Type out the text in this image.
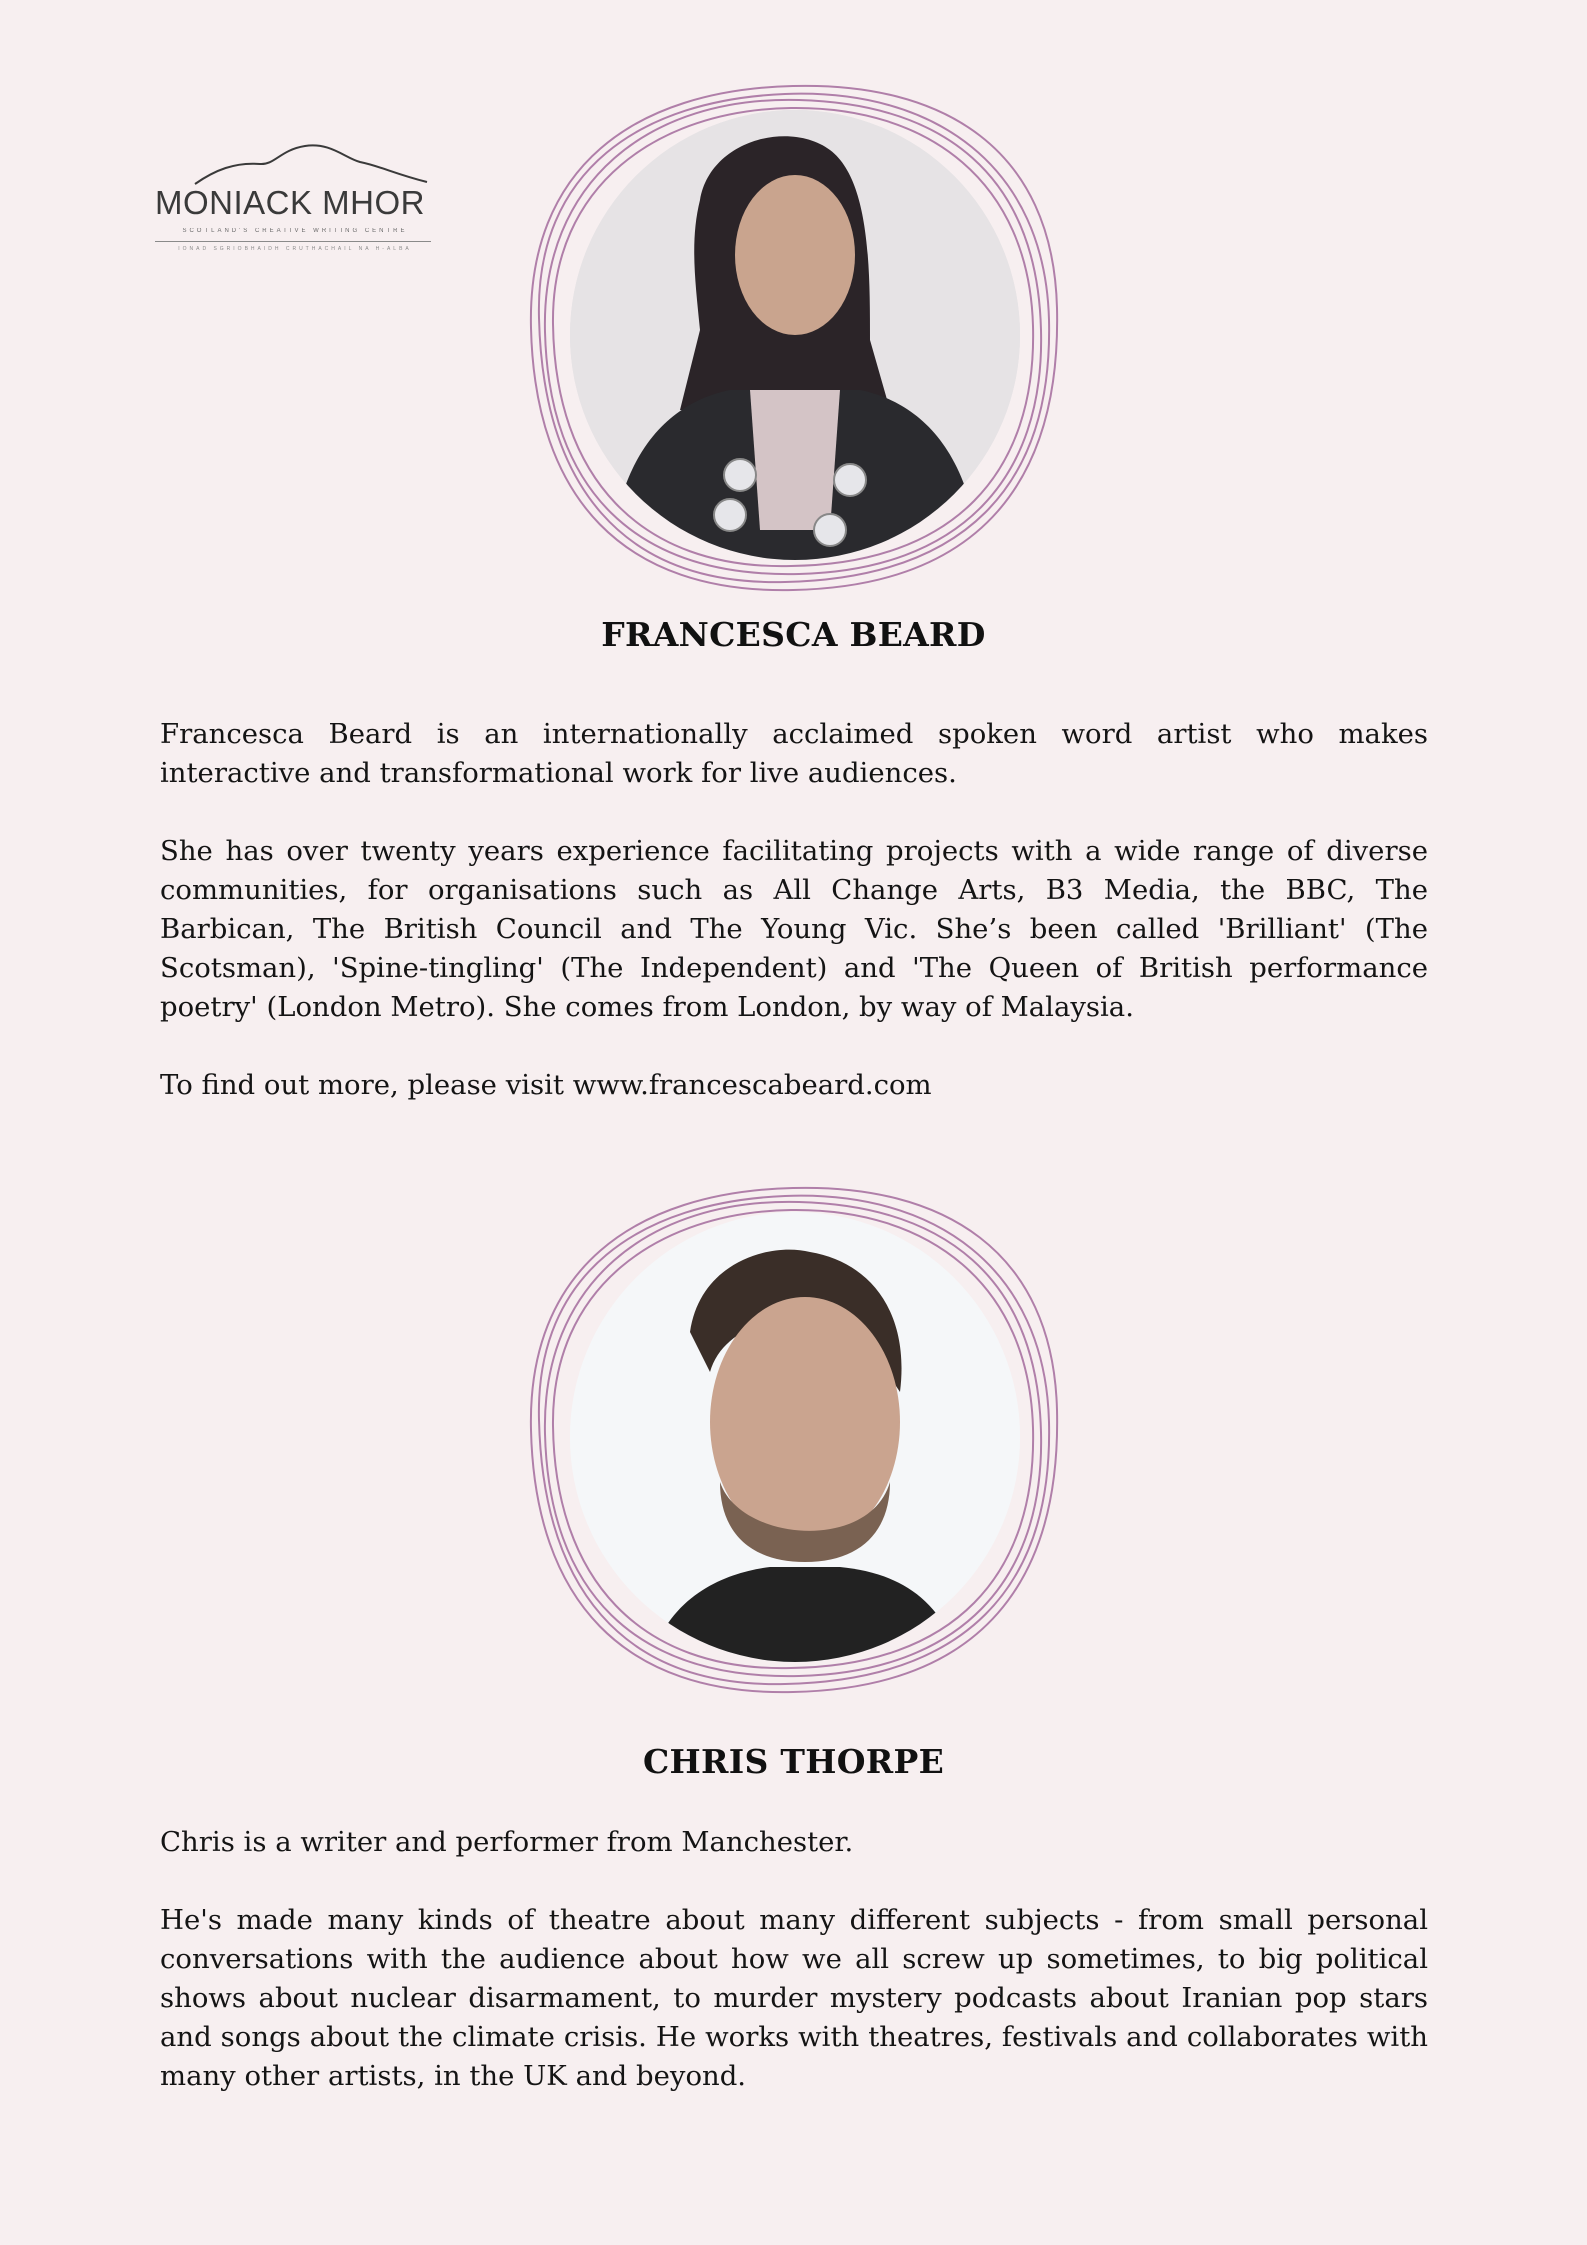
MONIACK MHOR
SCOTLAND'S CREATIVE WRITING CENTRE
IONAD SGRIOBHAIDH CRUTHACHAIL NA H-ALBA
FRANCESCA BEARD

Francesca Beard is an internationally acclaimed spoken word artist who makes interactive and transformational work for live audiences.

She has over twenty years experience facilitating projects with a wide range of diverse communities, for organisations such as All Change Arts, B3 Media, the BBC, The Barbican, The British Council and The Young Vic. She’s been called 'Brilliant' (The Scotsman), 'Spine-tingling' (The Independent) and 'The Queen of British performance poetry' (London Metro). She comes from London, by way of Malaysia.

To find out more, please visit www.francescabeard.com

CHRIS THORPE

Chris is a writer and performer from Manchester.

He's made many kinds of theatre about many different subjects - from small personal conversations with the audience about how we all screw up sometimes, to big political shows about nuclear disarmament, to murder mystery podcasts about Iranian pop stars and songs about the climate crisis. He works with theatres, festivals and collaborates with many other artists, in the UK and beyond.
